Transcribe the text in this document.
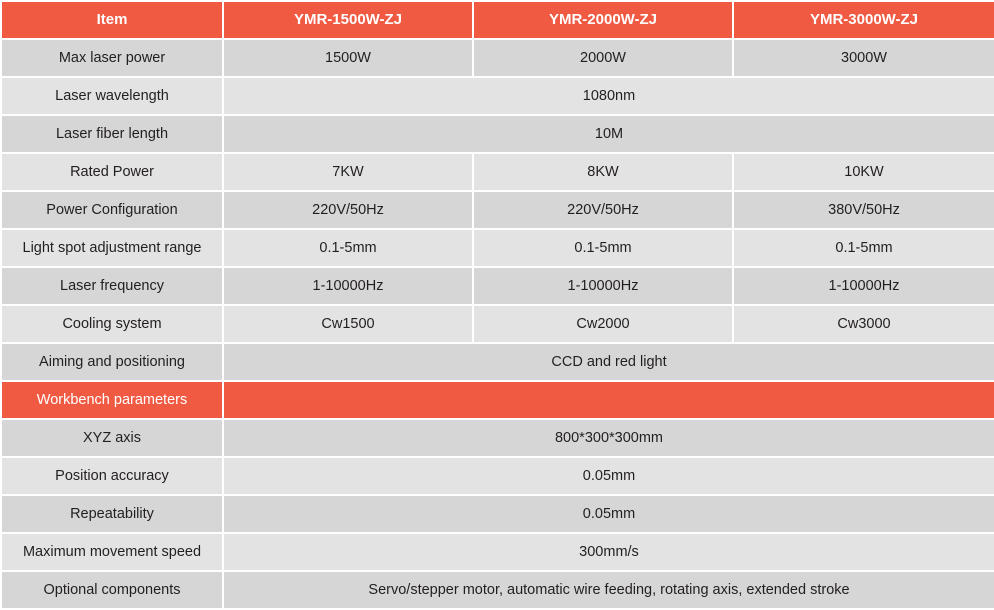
Item	YMR-1500W-ZJ	YMR-2000W-ZJ	YMR-3000W-ZJ
Max laser power	1500W	2000W	3000W
Laser wavelength	1080nm		
Laser fiber length	10M		
Rated Power	7KW	8KW	10KW
Power Configuration	220V/50Hz	220V/50Hz	380V/50Hz
Light spot adjustment range	0.1-5mm	0.1-5mm	0.1-5mm
Laser frequency	1-10000Hz	1-10000Hz	1-10000Hz
Cooling system	Cw1500	Cw2000	Cw3000
Aiming and positioning	CCD and red light		
Workbench parameters			
XYZ axis	800*300*300mm		
Position accuracy	0.05mm		
Repeatability	0.05mm		
Maximum movement speed	300mm/s		
Optional components	Servo/stepper motor, automatic wire feeding, rotating axis, extended stroke		
